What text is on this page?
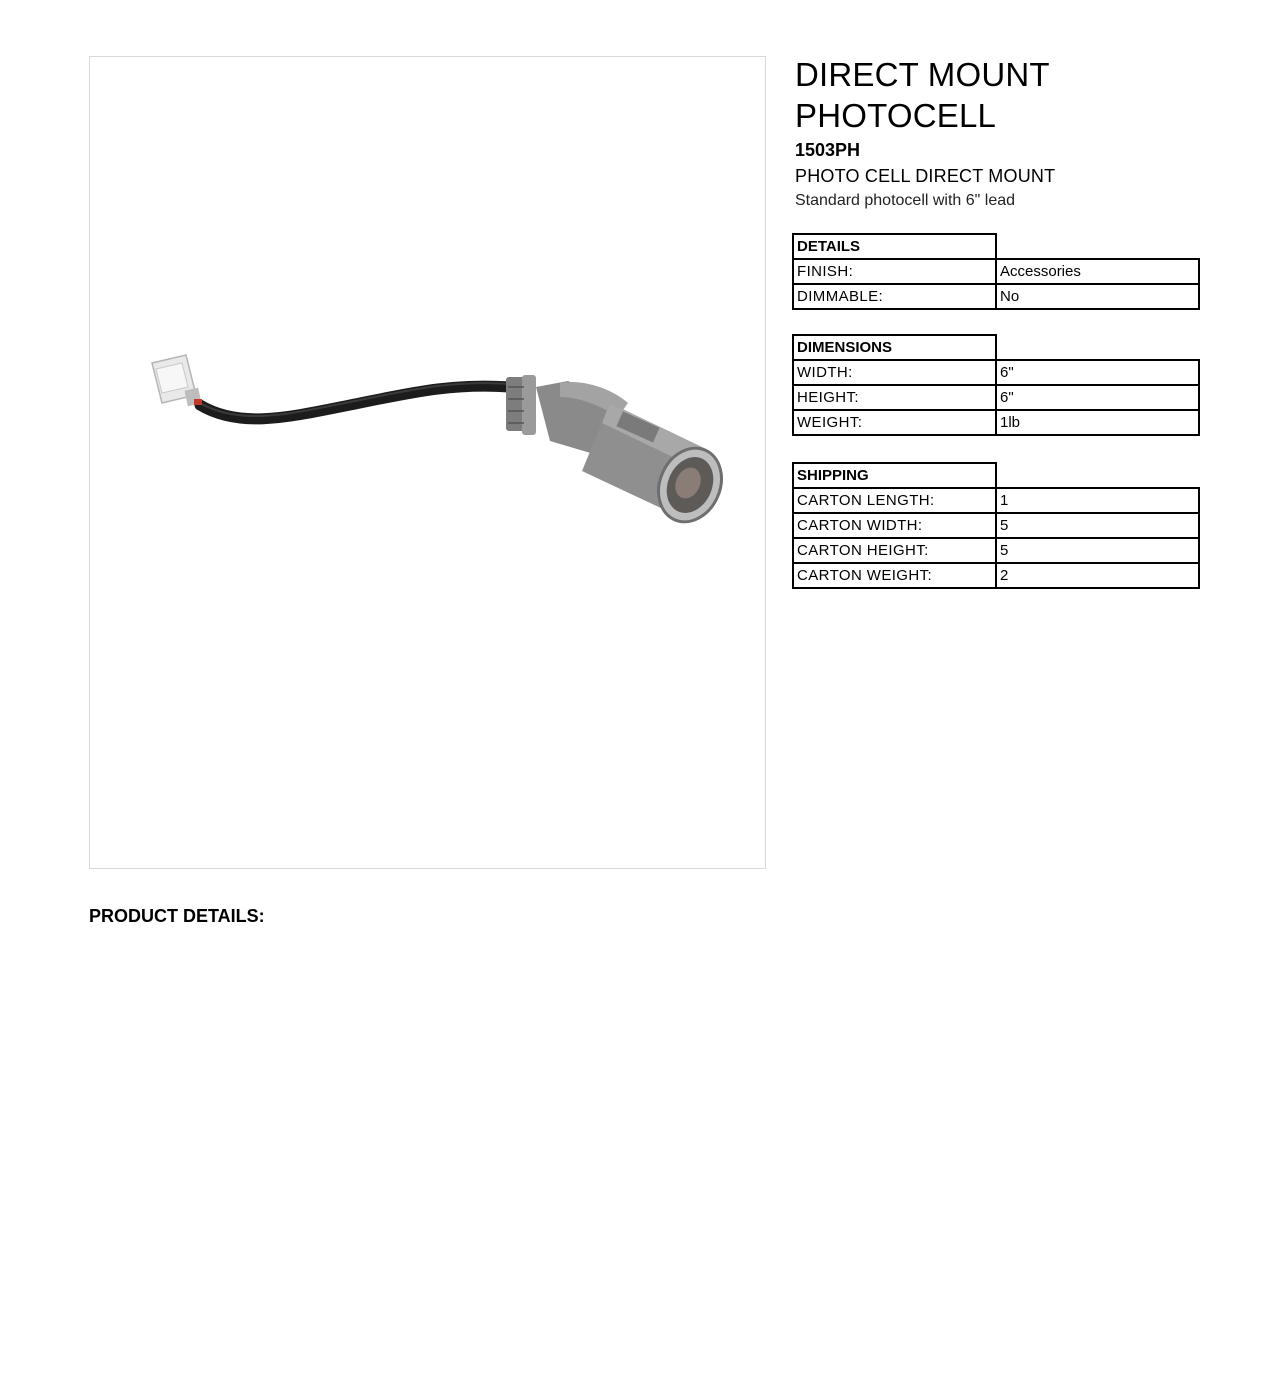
DIRECT MOUNT
PHOTOCELL
1503PH
PHOTO CELL DIRECT MOUNT
Standard photocell with 6" lead
DETAILS	
FINISH:	Accessories
DIMMABLE:	No
DIMENSIONS	
WIDTH:	6"
HEIGHT:	6"
WEIGHT:	1lb
SHIPPING	
CARTON LENGTH:	1
CARTON WIDTH:	5
CARTON HEIGHT:	5
CARTON WEIGHT:	2
PRODUCT DETAILS:
